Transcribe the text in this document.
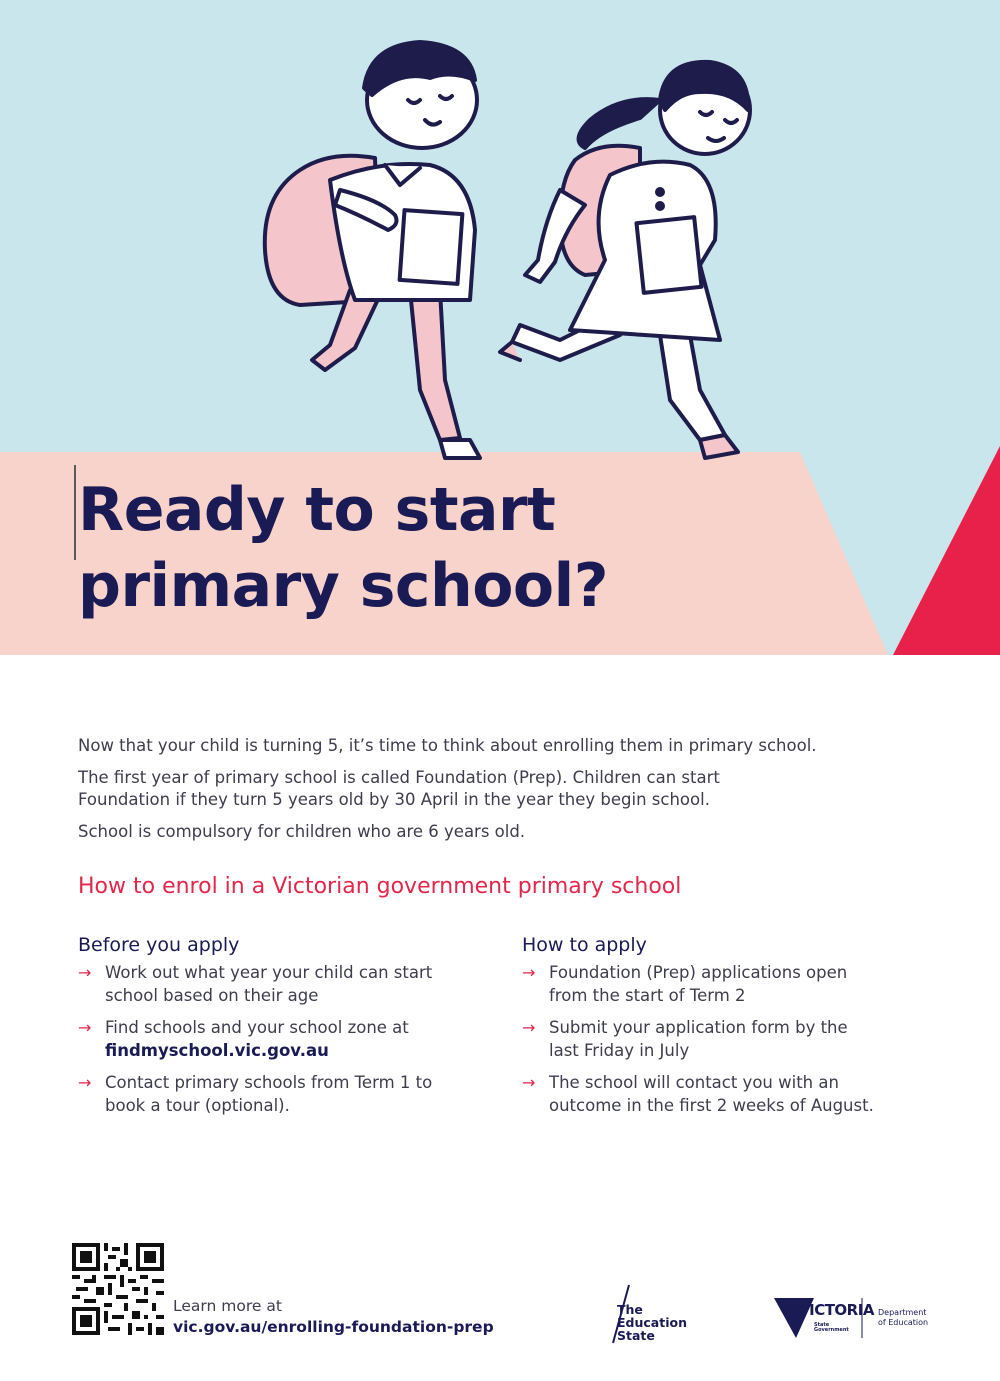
Ready to start
primary school?

Now that your child is turning 5, it’s time to think about enrolling them in primary school.

The first year of primary school is called Foundation (Prep). Children can start
Foundation if they turn 5 years old by 30 April in the year they begin school.

School is compulsory for children who are 6 years old.

How to enrol in a Victorian government primary school
Before you apply
→ Work out what year your child can start
school based on their age
→ Find schools and your school zone at
findmyschool.vic.gov.au
→ Contact primary schools from Term 1 to
book a tour (optional).
How to apply
→ Foundation (Prep) applications open
from the start of Term 2
→ Submit your application form by the
last Friday in July
→ The school will contact you with an
outcome in the first 2 weeks of August.
Learn more at
vic.gov.au/enrolling-foundation-prep
The
Education
State
VICTORIA
State
Government
Department
of Education
